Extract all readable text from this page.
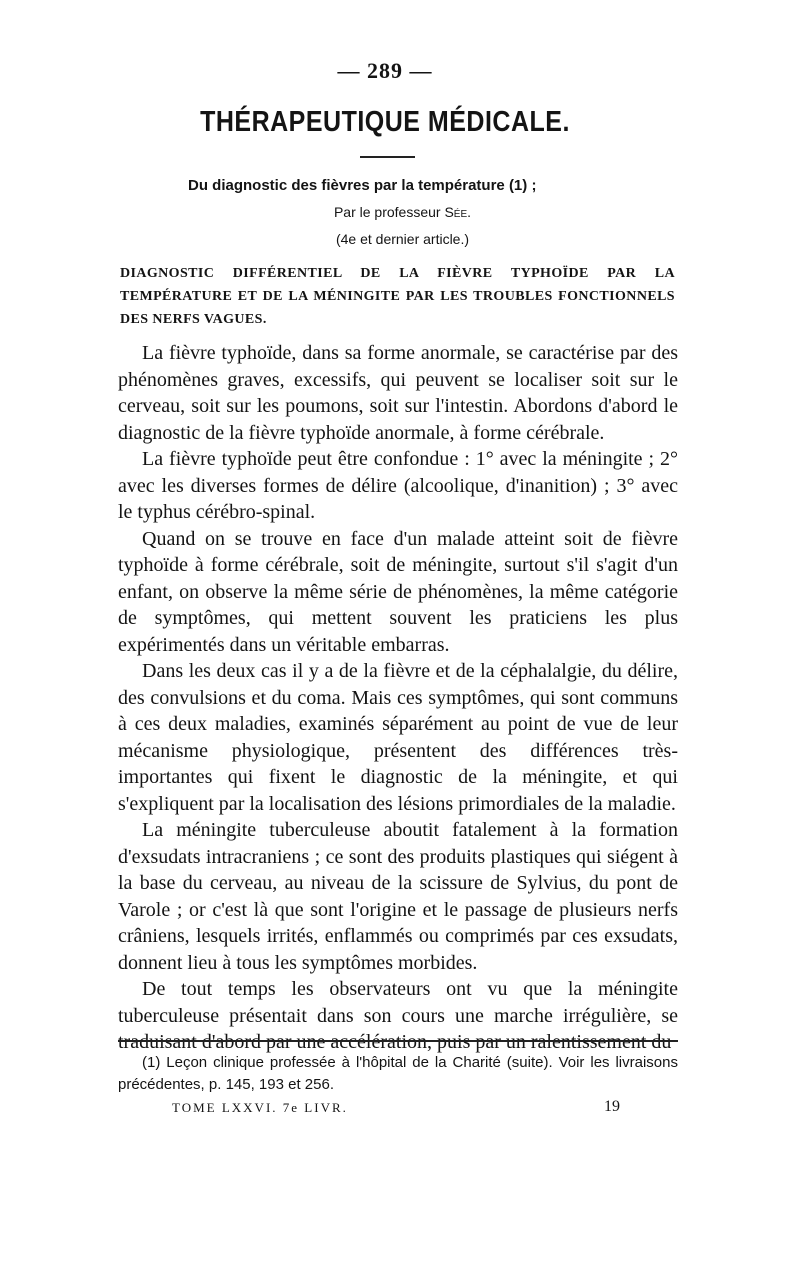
— 289 —
THÉRAPEUTIQUE MÉDICALE.
Du diagnostic des fièvres par la température (1) ;
Par le professeur Sée.
(4e et dernier article.)
DIAGNOSTIC DIFFÉRENTIEL DE LA FIÈVRE TYPHOÏDE PAR LA TEMPÉRATURE ET DE LA MÉNINGITE PAR LES TROUBLES FONCTIONNELS DES NERFS VAGUES.

La fièvre typhoïde, dans sa forme anormale, se caractérise par des phénomènes graves, excessifs, qui peuvent se localiser soit sur le cerveau, soit sur les poumons, soit sur l'intestin. Abordons d'abord le diagnostic de la fièvre typhoïde anormale, à forme cérébrale.

La fièvre typhoïde peut être confondue : 1° avec la méningite ; 2° avec les diverses formes de délire (alcoolique, d'inanition) ; 3° avec le typhus cérébro-spinal.

Quand on se trouve en face d'un malade atteint soit de fièvre typhoïde à forme cérébrale, soit de méningite, surtout s'il s'agit d'un enfant, on observe la même série de phénomènes, la même catégorie de symptômes, qui mettent souvent les praticiens les plus expérimentés dans un véritable embarras.

Dans les deux cas il y a de la fièvre et de la céphalalgie, du délire, des convulsions et du coma. Mais ces symptômes, qui sont communs à ces deux maladies, examinés séparément au point de vue de leur mécanisme physiologique, présentent des différences très-importantes qui fixent le diagnostic de la méningite, et qui s'expliquent par la localisation des lésions primordiales de la maladie.

La méningite tuberculeuse aboutit fatalement à la formation d'exsudats intracraniens ; ce sont des produits plastiques qui siégent à la base du cerveau, au niveau de la scissure de Sylvius, du pont de Varole ; or c'est là que sont l'origine et le passage de plusieurs nerfs crâniens, lesquels irrités, enflammés ou comprimés par ces exsudats, donnent lieu à tous les symptômes morbides.

De tout temps les observateurs ont vu que la méningite tuberculeuse présentait dans son cours une marche irrégulière, se traduisant d'abord par une accélération, puis par un ralentissement du

(1) Leçon clinique professée à l'hôpital de la Charité (suite). Voir les livraisons précédentes, p. 145, 193 et 256.
TOME LXXVI. 7e LIVR.	19
